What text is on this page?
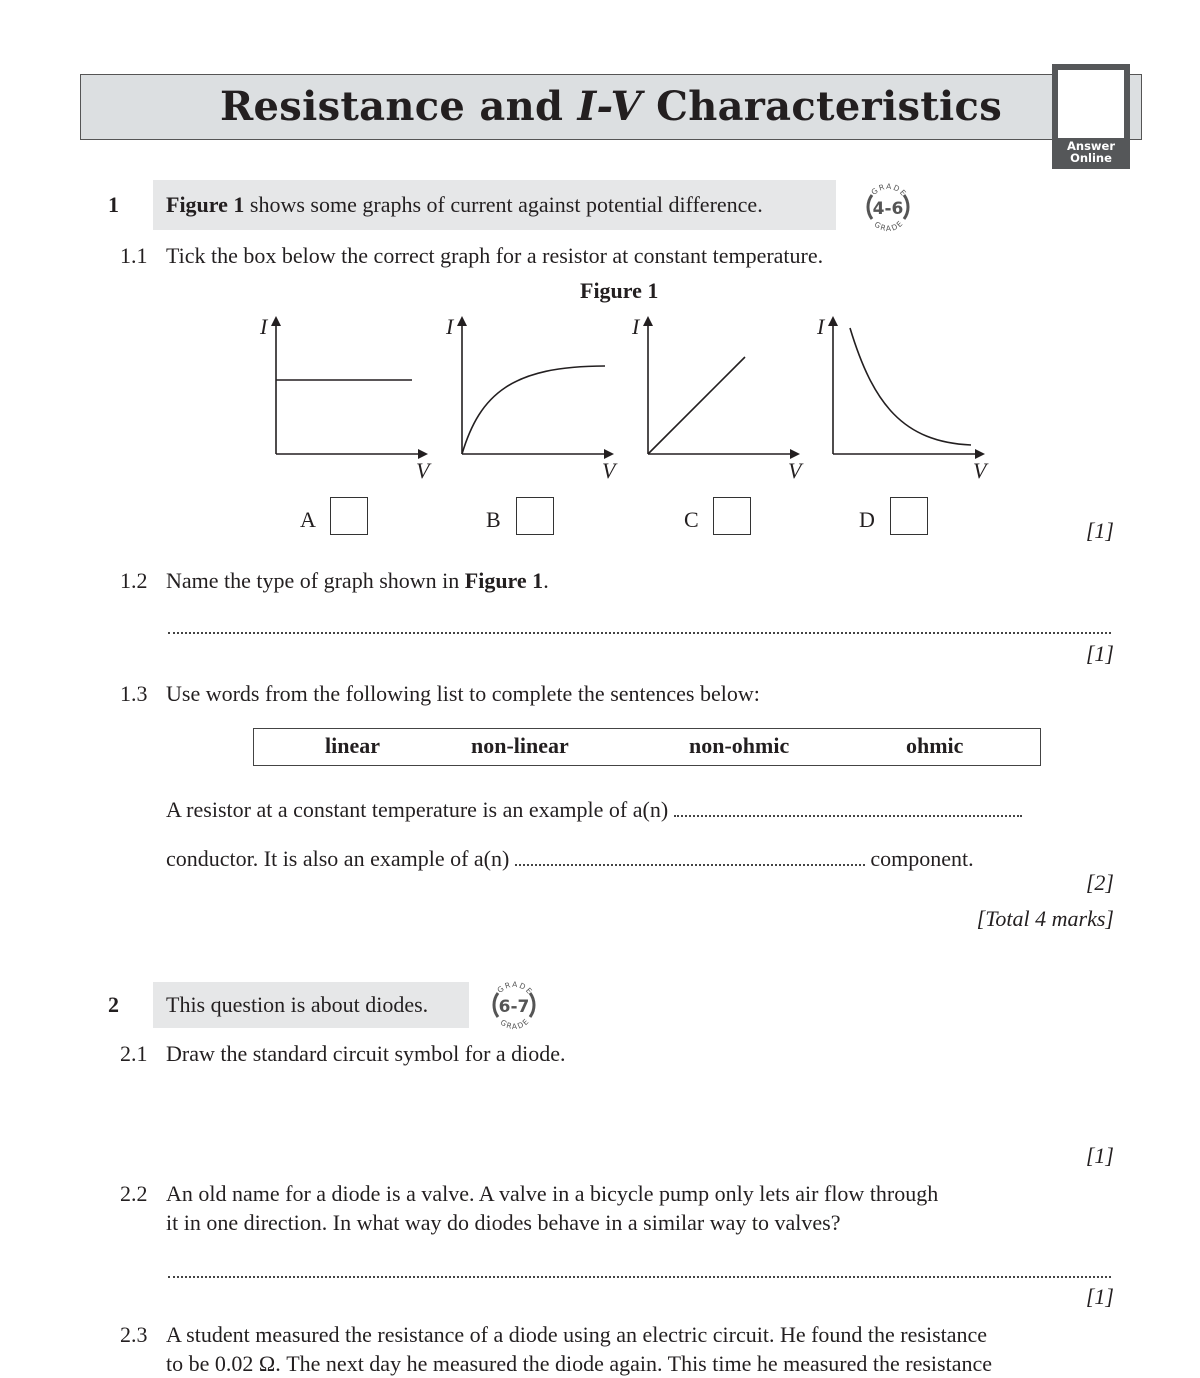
Resistance and I-V Characteristics
Answer
Online
1	Figure 1 shows some graphs of current against potential difference.
GRADE
GRADE
4-6
1.1 Tick the box below the correct graph for a resistor at constant temperature.
Figure 1
I
V
I
V
I
V
I
V
A	B	C	D	[1]
1.2 Name the type of graph shown in Figure 1.
[1]
1.3 Use words from the following list to complete the sentences below:
linear	non-linear	non-ohmic	ohmic
A resistor at a constant temperature is an example of a(n)
conductor. It is also an example of a(n)	component.
[2]
[Total 4 marks]
2	This question is about diodes.
GRADE
GRADE
6-7
2.1 Draw the standard circuit symbol for a diode.
[1]
2.2 An old name for a diode is a valve. A valve in a bicycle pump only lets air flow through
it in one direction. In what way do diodes behave in a similar way to valves?
[1]
2.3 A student measured the resistance of a diode using an electric circuit. He found the resistance
to be 0.02 Ω. The next day he measured the diode again. This time he measured the resistance
